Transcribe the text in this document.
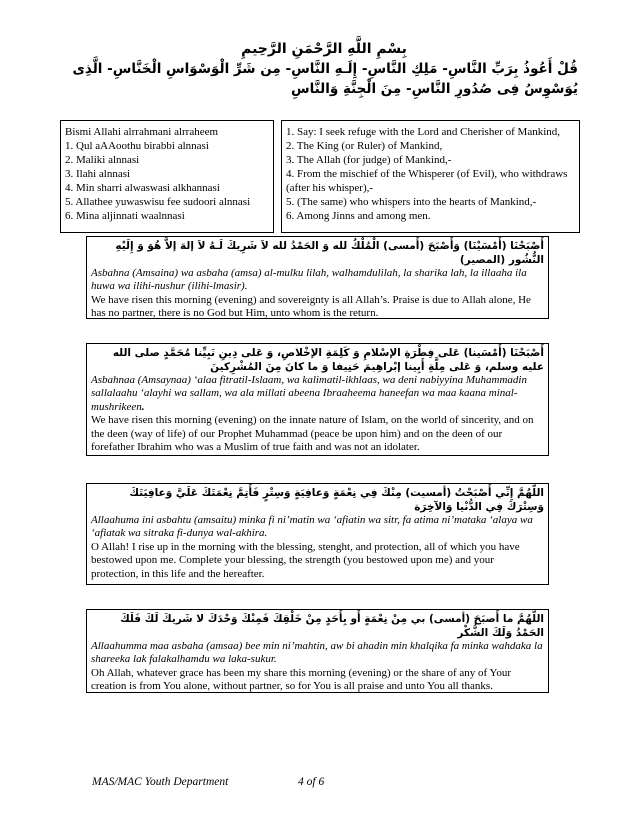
بِسْمِ اللَّهِ الرَّحْمَنِ الرَّحِيمِ
قُلْ أَعُوذُ بِرَبِّ النَّاسِ- مَلِكِ النَّاسِ- إِلَـهِ النَّاسِ- مِن شَرِّ الْوَسْوَاسِ الْخَنَّاسِ- الَّذِى
يُوَسْوِسُ فِى صُدُورِ النَّاسِ- مِنَ الْجِنَّةِ وَالنَّاسِ
Bismi Allahi alrrahmani alrraheem
1. Qul aAAoothu birabbi alnnasi
2. Maliki alnnasi
3. Ilahi alnnasi
4. Min sharri alwaswasi alkhannasi
5. Allathee yuwaswisu fee sudoori alnnasi
6. Mina aljinnati waalnnasi
1. Say: I seek refuge with the Lord and Cherisher of Mankind,
2. The King (or Ruler) of Mankind,
3. The Allah (for judge) of Mankind,-
4. From the mischief of the Whisperer (of Evil), who withdraws (after his whisper),-
5. (The same) who whispers into the hearts of Mankind,-
6. Among Jinns and among men.
أَصْبَحْنَا (أَمْسَيْنَا) وَأَصْبَحَ (أَمسى) الْمُلْكُ لله وَ الحَمْدُ لله لاَ شَرِيكَ لَـهُ لاَ إلهَ إلاَّ هُوَ وَ إِلَيْهِ النُّشُور (المصير)
Asbahna (Amsaina) wa asbaha (amsa) al-mulku lilah, walhamdulilah, la sharika lah, la illaaha ila huwa wa ilihi-nushur (ilihi-lmasir).
We have risen this morning (evening) and sovereignty is all Allah’s. Praise is due to Allah alone, He has no partner, there is no God but Him, unto whom is the return.
أَصْبَحْنَا (أَمْسَينا) عَلى فِطْرَةِ الإسْلامِ وَ كَلِمَةِ الإخْلاصِ، وَ عَلى دِينِ نَبِيِّنا مُحَمَّدٍ صلى الله عليه وسلم، وَ عَلى مِلَّةِ أَبِينا إبْراهِيمَ حَنِيفا وَ ما كانَ مِنَ المُشْرِكينَ
Asbahnaa (Amsaynaa) ‘alaa fitratil-Islaam, wa kalimatil-ikhlaas, wa deni nabiyyina Muhammadin sallalaahu ‘alayhi wa sallam, wa ala millati abeena Ibraaheema haneefan wa maa kaana minal-mushrikeen.
We have risen this morning (evening) on the innate nature of Islam, on the world of sincerity, and on the deen (way of life) of our Prophet Muhammad (peace be upon him) and on the deen of our forefather Ibrahim who was a Muslim of true faith and was not an idolater.
اللّهُمَّ إِنِّي أَصْبَحْتُ (أمسيت) مِنْكَ فِي نِعْمَةٍ وَعافِيَةٍ وَسِتْرٍ فَأَتِمَّ نِعْمَتَكَ عَلَيَّ وَعافِيَتَكَ وَسِتْرَكَ فِي الدُّنْيا وَالآخِرَة
Allaahuma ini asbahtu (amsaitu) minka fi ni’matin wa ‘afiatin wa sitr, fa atima ni’mataka ‘alaya wa ‘afiatak wa sitraka fi-dunya wal-akhira.
O Allah! I rise up in the morning with the blessing, stenght, and protection, all of which you have bestowed upon me. Complete your blessing, the strength (you bestowed upon me) and your protection, in this life and the hereafter.
اللّهُمَّ ما أَصبَحَ (أمسى) بي مِنْ نِعْمَةٍ أَو بِأَحَدٍ مِنْ خَلْقِكَ فَمِنْكَ وَحْدَكَ لا شَريكَ لَكَ فَلَكَ الحَمْدُ وَلَكَ الشُّكْر
Allaahumma maa asbaha (amsaa) bee min ni’mahtin, aw bi ahadin min khalqika fa minka wahdaka la shareeka lak falakalhamdu wa laka-sukur.
Oh Allah, whatever grace has been my share this morning (evening) or the share of any of Your creation is from You alone, without partner, so for You is all praise and unto You all thanks.
MAS/MAC Youth Department	4 of 6
